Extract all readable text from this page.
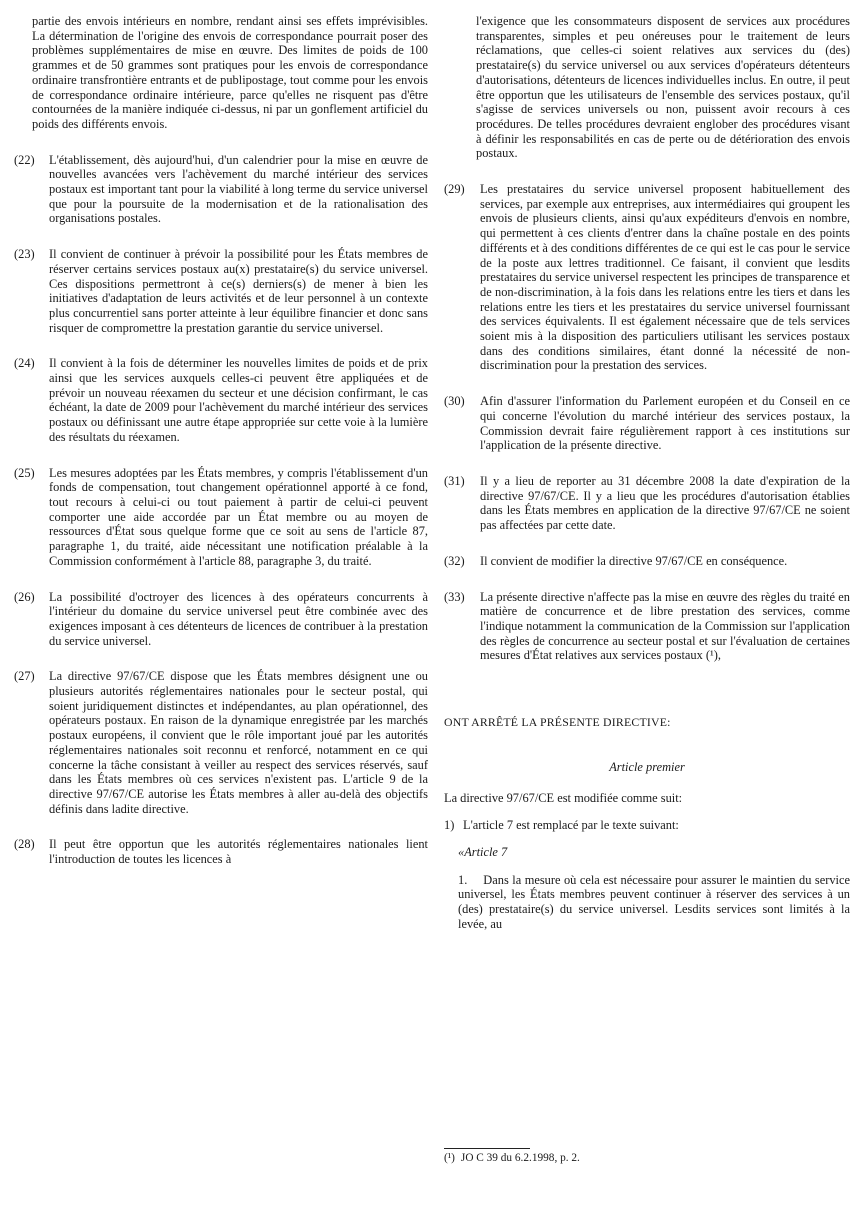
partie des envois intérieurs en nombre, rendant ainsi ses effets imprévisibles. La détermination de l'origine des envois de correspondance pourrait poser des problèmes supplémentaires de mise en œuvre. Des limites de poids de 100 grammes et de 50 grammes sont pratiques pour les envois de correspondance ordinaire transfrontière entrants et de publipostage, tout comme pour les envois de correspondance ordinaire intérieure, parce qu'elles ne risquent pas d'être contournées de la manière indiquée ci-dessus, ni par un gonflement artificiel du poids des différents envois.
(22)	L'établissement, dès aujourd'hui, d'un calendrier pour la mise en œuvre de nouvelles avancées vers l'achèvement du marché intérieur des services postaux est important tant pour la viabilité à long terme du service universel que pour la poursuite de la modernisation et de la rationalisation des organisations postales.
(23)	Il convient de continuer à prévoir la possibilité pour les États membres de réserver certains services postaux au(x) prestataire(s) du service universel. Ces dispositions permettront à ce(s) derniers(s) de mener à bien les initiatives d'adaptation de leurs activités et de leur personnel à un contexte plus concurrentiel sans porter atteinte à leur équilibre financier et donc sans risquer de compromettre la prestation garantie du service universel.
(24)	Il convient à la fois de déterminer les nouvelles limites de poids et de prix ainsi que les services auxquels celles-ci peuvent être appliquées et de prévoir un nouveau réexamen du secteur et une décision confirmant, le cas échéant, la date de 2009 pour l'achèvement du marché intérieur des services postaux ou définissant une autre étape appropriée sur cette voie à la lumière des résultats du réexamen.
(25)	Les mesures adoptées par les États membres, y compris l'établissement d'un fonds de compensation, tout changement opérationnel apporté à ce fond, tout recours à celui-ci ou tout paiement à partir de celui-ci peuvent comporter une aide accordée par un État membre ou au moyen de ressources d'État sous quelque forme que ce soit au sens de l'article 87, paragraphe 1, du traité, aide nécessitant une notification préalable à la Commission conformément à l'article 88, paragraphe 3, du traité.
(26)	La possibilité d'octroyer des licences à des opérateurs concurrents à l'intérieur du domaine du service universel peut être combinée avec des exigences imposant à ces détenteurs de licences de contribuer à la prestation du service universel.
(27)	La directive 97/67/CE dispose que les États membres désignent une ou plusieurs autorités réglementaires nationales pour le secteur postal, qui soient juridiquement distinctes et indépendantes, au plan opérationnel, des opérateurs postaux. En raison de la dynamique enregistrée par les marchés postaux européens, il convient que le rôle important joué par les autorités réglementaires nationales soit reconnu et renforcé, notamment en ce qui concerne la tâche consistant à veiller au respect des services réservés, sauf dans les États membres où ces services n'existent pas. L'article 9 de la directive 97/67/CE autorise les États membres à aller au-delà des objectifs définis dans ladite directive.
(28)	Il peut être opportun que les autorités réglementaires nationales lient l'introduction de toutes les licences à
l'exigence que les consommateurs disposent de services aux procédures transparentes, simples et peu onéreuses pour le traitement de leurs réclamations, que celles-ci soient relatives aux services du (des) prestataire(s) du service universel ou aux services d'opérateurs détenteurs d'autorisations, détenteurs de licences individuelles inclus. En outre, il peut être opportun que les utilisateurs de l'ensemble des services postaux, qu'il s'agisse de services universels ou non, puissent avoir recours à ces procédures. De telles procédures devraient englober des procédures visant à définir les responsabilités en cas de perte ou de détérioration des envois postaux.
(29)	Les prestataires du service universel proposent habituellement des services, par exemple aux entreprises, aux intermédiaires qui groupent les envois de plusieurs clients, ainsi qu'aux expéditeurs d'envois en nombre, qui permettent à ces clients d'entrer dans la chaîne postale en des points différents et à des conditions différentes de ce qui est le cas pour le service de la poste aux lettres traditionnel. Ce faisant, il convient que lesdits prestataires du service universel respectent les principes de transparence et de non-discrimination, à la fois dans les relations entre les tiers et dans les relations entre les tiers et les prestataires du service universel fournissant des services équivalents. Il est également nécessaire que de tels services soient mis à la disposition des particuliers utilisant les services postaux dans des conditions similaires, étant donné la nécessité de non-discrimination pour la prestation des services.
(30)	Afin d'assurer l'information du Parlement européen et du Conseil en ce qui concerne l'évolution du marché intérieur des services postaux, la Commission devrait faire régulièrement rapport à ces institutions sur l'application de la présente directive.
(31)	Il y a lieu de reporter au 31 décembre 2008 la date d'expiration de la directive 97/67/CE. Il y a lieu que les procédures d'autorisation établies dans les États membres en application de la directive 97/67/CE ne soient pas affectées par cette date.
(32)	Il convient de modifier la directive 97/67/CE en conséquence.
(33)	La présente directive n'affecte pas la mise en œuvre des règles du traité en matière de concurrence et de libre prestation des services, comme l'indique notamment la communication de la Commission sur l'application des règles de concurrence au secteur postal et sur l'évaluation de certaines mesures d'État relatives aux services postaux (¹),

ONT ARRÊTÉ LA PRÉSENTE DIRECTIVE:

Article premier

La directive 97/67/CE est modifiée comme suit:

1) L'article 7 est remplacé par le texte suivant:

«Article 7

1. Dans la mesure où cela est nécessaire pour assurer le maintien du service universel, les États membres peuvent continuer à réserver des services à un (des) prestataire(s) du service universel. Lesdits services sont limités à la levée, au
(¹) JO C 39 du 6.2.1998, p. 2.
